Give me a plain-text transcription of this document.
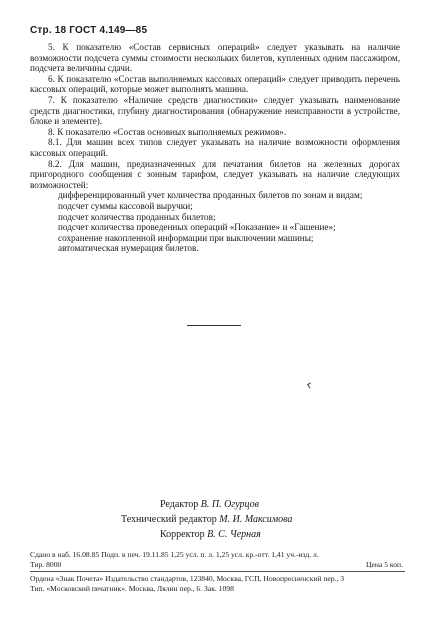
Стр. 18 ГОСТ 4.149—85

5. К показателю «Состав сервисных операций» следует указывать на наличие возможности подсчета суммы стоимости нескольких билетов, купленных одним пассажиром, подсчета величины сдачи.

6. К показателю «Состав выполняемых кассовых операций» следует приводить перечень кассовых операций, которые может выполнять машина.

7. К показателю «Наличие средств диагностики» следует указывать наименование средств диагностики, глубину диагностирования (обнаружение неисправности в устройстве, блоке и элементе).

8. К показателю «Состав основных выполняемых режимов».

8.1. Для машин всех типов следует указывать на наличие возможности оформления кассовых операций.

8.2. Для машин, предназначенных для печатания билетов на железных дорогах пригородного сообщения с зонным тарифом, следует указывать на наличие следующих возможностей:

дифференцированный учет количества проданных билетов по зонам и видам;

подсчет суммы кассовой выручки;

подсчет количества проданных билетов;

подсчет количества проведенных операций «Показание» и «Гашение»;

сохранение накопленной информации при выключении машины;

автоматическая нумерация билетов.

Редактор В. П. Огурцов
Технический редактор М. И. Максимова
Корректор В. С. Черная
Сдано в наб. 16.08.85 Подп. в печ. 19.11.85 1,25 усл. п. л. 1,25 усл. кр.-отт. 1,41 уч.-изд. л.
Тир. 8000	Цена 5 коп.
Ордена «Знак Почета» Издательство стандартов, 123840, Москва, ГСП, Новопресненский пер., 3
Тип. «Московский печатник». Москва, Лялин пер., 6. Зак. 1098
